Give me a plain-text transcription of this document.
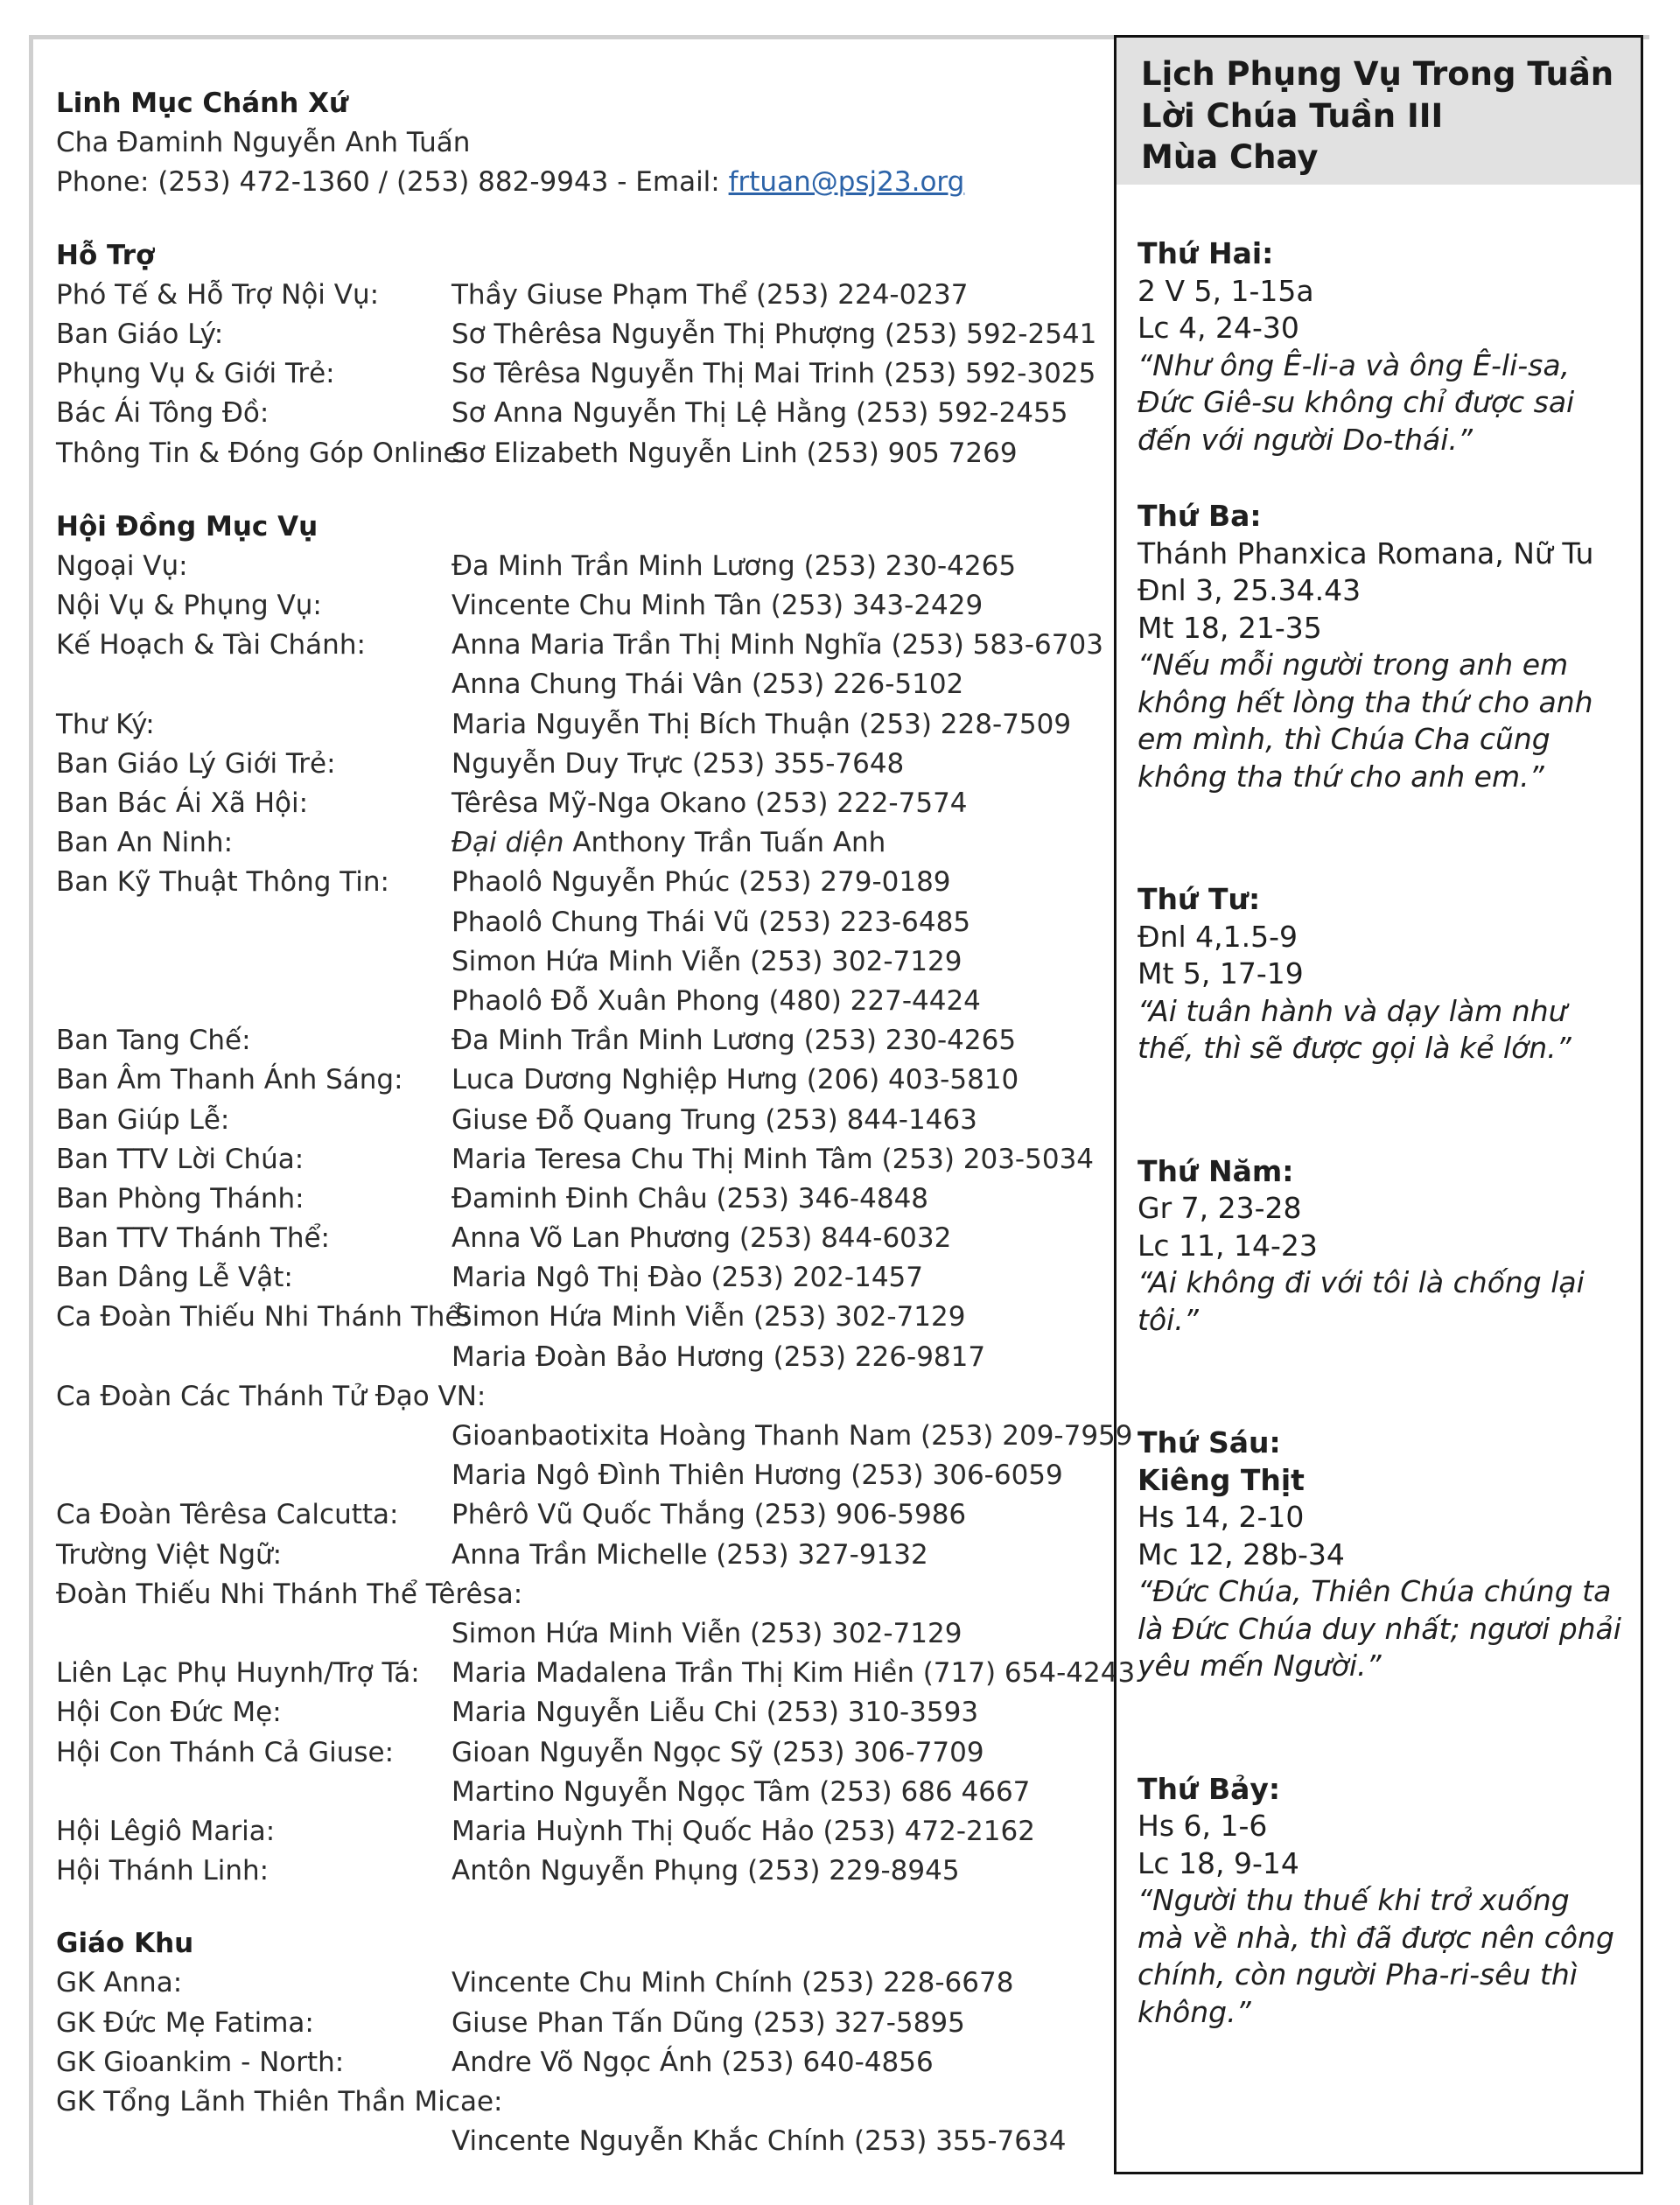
Linh Mục Chánh Xứ
Cha Đaminh Nguyễn Anh Tuấn
Phone: (253) 472-1360 / (253) 882-9943 - Email: frtuan@psj23.org
Hỗ Trợ
Phó Tế & Hỗ Trợ Nội Vụ:	Thầy Giuse Phạm Thể (253) 224-0237
Ban Giáo Lý:	Sơ Thêrêsa Nguyễn Thị Phượng (253) 592-2541
Phụng Vụ & Giới Trẻ:	Sơ Têrêsa Nguyễn Thị Mai Trinh (253) 592-3025
Bác Ái Tông Đồ:	Sơ Anna Nguyễn Thị Lệ Hằng (253) 592-2455
Thông Tin & Đóng Góp Online:
Sơ Elizabeth Nguyễn Linh (253) 905 7269
Hội Đồng Mục Vụ
Ngoại Vụ:	Đa Minh Trần Minh Lương (253) 230-4265
Nội Vụ & Phụng Vụ:	Vincente Chu Minh Tân (253) 343-2429
Kế Hoạch & Tài Chánh:	Anna Maria Trần Thị Minh Nghĩa (253) 583-6703
Anna Chung Thái Vân (253) 226-5102
Thư Ký:	Maria Nguyễn Thị Bích Thuận (253) 228-7509
Ban Giáo Lý Giới Trẻ:	Nguyễn Duy Trực (253) 355-7648
Ban Bác Ái Xã Hội:	Têrêsa Mỹ-Nga Okano (253) 222-7574
Ban An Ninh:	Đại diện Anthony Trần Tuấn Anh
Ban Kỹ Thuật Thông Tin: Phaolô Nguyễn Phúc (253) 279-0189
Phaolô Chung Thái Vũ (253) 223-6485
Simon Hứa Minh Viễn (253) 302-7129
Phaolô Đỗ Xuân Phong (480) 227-4424
Ban Tang Chế:	Đa Minh Trần Minh Lương (253) 230-4265
Ban Âm Thanh Ánh Sáng: Luca Dương Nghiệp Hưng (206) 403-5810
Ban Giúp Lễ:	Giuse Đỗ Quang Trung (253) 844-1463
Ban TTV Lời Chúa:	Maria Teresa Chu Thị Minh Tâm (253) 203-5034
Ban Phòng Thánh:	Đaminh Đinh Châu (253) 346-4848
Ban TTV Thánh Thể:	Anna Võ Lan Phương (253) 844-6032
Ban Dâng Lễ Vật:	Maria Ngô Thị Đào (253) 202-1457
Ca Đoàn Thiếu Nhi Thánh Thể:
Simon Hứa Minh Viễn (253) 302-7129
Maria Đoàn Bảo Hương (253) 226-9817
Ca Đoàn Các Thánh Tử Đạo VN:
Gioanbaotixita Hoàng Thanh Nam (253) 209-7959
Maria Ngô Đình Thiên Hương (253) 306-6059
Ca Đoàn Têrêsa Calcutta: Phêrô Vũ Quốc Thắng (253) 906-5986
Trường Việt Ngữ:	Anna Trần Michelle (253) 327-9132
Đoàn Thiếu Nhi Thánh Thể Têrêsa:
Simon Hứa Minh Viễn (253) 302-7129
Liên Lạc Phụ Huynh/Trợ Tá: Maria Madalena Trần Thị Kim Hiền (717) 654-4243
Hội Con Đức Mẹ:	Maria Nguyễn Liễu Chi (253) 310-3593
Hội Con Thánh Cả Giuse: Gioan Nguyễn Ngọc Sỹ (253) 306-7709
Martino Nguyễn Ngọc Tâm (253) 686 4667
Hội Lêgiô Maria:	Maria Huỳnh Thị Quốc Hảo (253) 472-2162
Hội Thánh Linh:	Antôn Nguyễn Phụng (253) 229-8945
Giáo Khu
GK Anna:	Vincente Chu Minh Chính (253) 228-6678
GK Đức Mẹ Fatima:	Giuse Phan Tấn Dũng (253) 327-5895
GK Gioankim - North:	Andre Võ Ngọc Ánh (253) 640-4856
GK Tổng Lãnh Thiên Thần Micae:
Vincente Nguyễn Khắc Chính (253) 355-7634
Lịch Phụng Vụ Trong Tuần
Lời Chúa Tuần III
Mùa Chay
Thứ Hai:
2 V 5, 1-15a
Lc 4, 24-30
“Như ông Ê-li-a và ông Ê-li-sa, Đức Giê-su không chỉ được sai đến với người Do-thái.”
Thứ Ba:
Thánh Phanxica Romana, Nữ Tu
Đnl 3, 25.34.43
Mt 18, 21-35
“Nếu mỗi người trong anh em không hết lòng tha thứ cho anh em mình, thì Chúa Cha cũng không tha thứ cho anh em.”
Thứ Tư:
Đnl 4,1.5-9
Mt 5, 17-19
“Ai tuân hành và dạy làm như thế, thì sẽ được gọi là kẻ lớn.”
Thứ Năm:
Gr 7, 23-28
Lc 11, 14-23
“Ai không đi với tôi là chống lại tôi.”
Thứ Sáu:
Kiêng Thịt
Hs 14, 2-10
Mc 12, 28b-34
“Đức Chúa, Thiên Chúa chúng ta là Đức Chúa duy nhất; ngươi phải yêu mến Người.”
Thứ Bảy:
Hs 6, 1-6
Lc 18, 9-14
“Người thu thuế khi trở xuống mà về nhà, thì đã được nên công chính, còn người Pha-ri-sêu thì không.”
